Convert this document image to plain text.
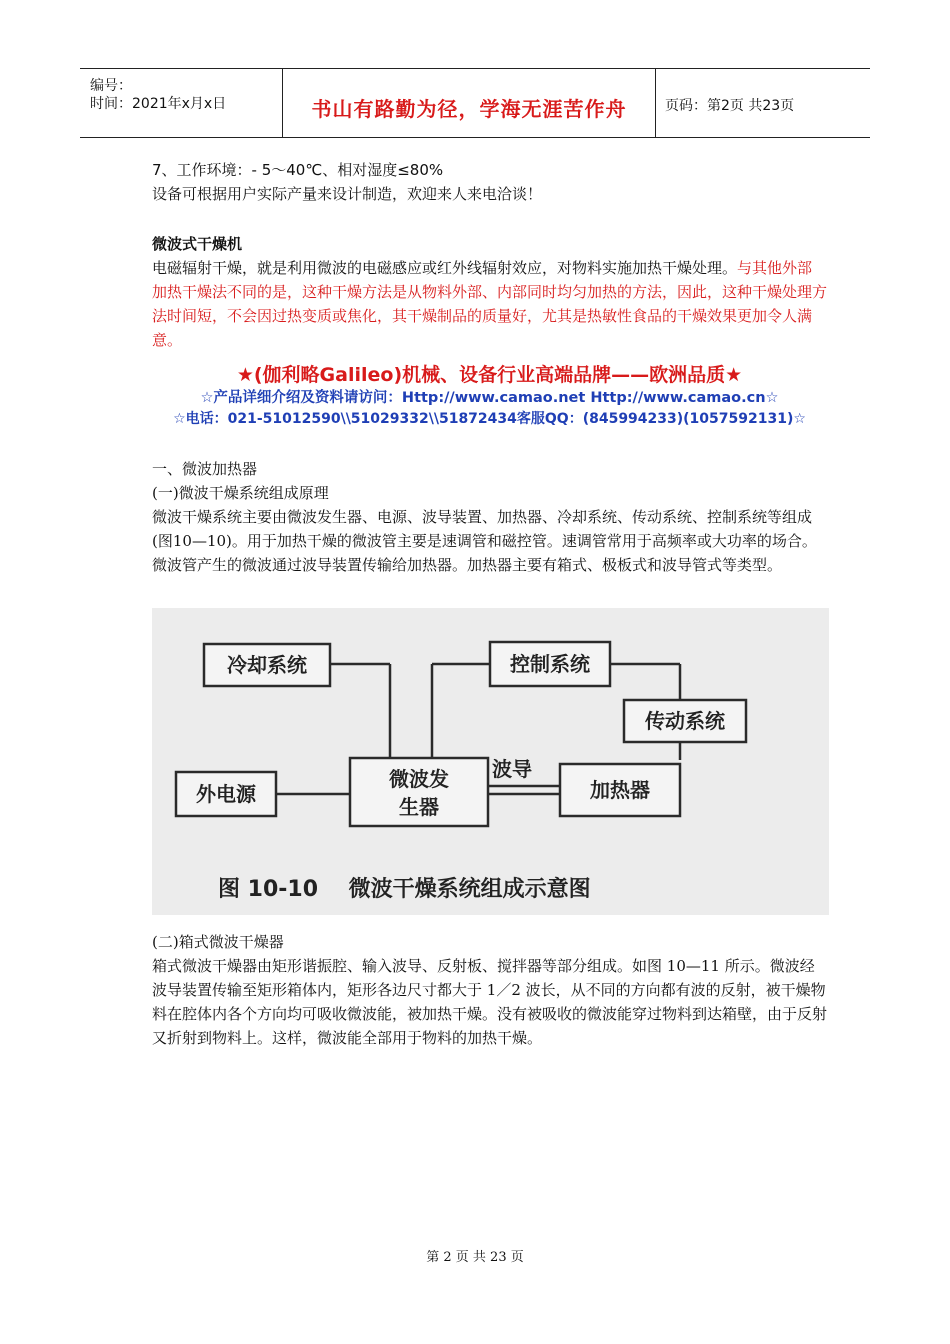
编号：
时间：2021年x月x日	书山有路勤为径，学海无涯苦作舟	页码：第2页 共23页

7、工作环境：- 5～40℃、相对湿度≤80%

设备可根据用户实际产量来设计制造，欢迎来人来电洽谈！

微波式干燥机

电磁辐射干燥，就是利用微波的电磁感应或红外线辐射效应，对物料实施加热干燥处理。与其他外部加热干燥法不同的是，这种干燥方法是从物料外部、内部同时均匀加热的方法，因此，这种干燥处理方法时间短，不会因过热变质或焦化，其干燥制品的质量好，尤其是热敏性食品的干燥效果更加令人满意。

★(伽利略Galileo)机械、设备行业高端品牌——欧洲品质★
☆产品详细介绍及资料请访问：Http://www.camao.net Http://www.camao.cn☆
☆电话：021-51012590\\51029332\\51872434客服QQ：(845994233)(1057592131)☆

一、微波加热器

(一)微波干燥系统组成原理

微波干燥系统主要由微波发生器、电源、波导装置、加热器、冷却系统、传动系统、控制系统等组成(图10—10)。用于加热干燥的微波管主要是速调管和磁控管。速调管常用于高频率或大功率的场合。微波管产生的微波通过波导装置传输给加热器。加热器主要有箱式、极板式和波导管式等类型。

冷却系统	控制系统
传动系统
外电源
微波发
生器
加热器
波导
图 10-10    微波干燥系统组成示意图

(二)箱式微波干燥器

箱式微波干燥器由矩形谐振腔、输入波导、反射板、搅拌器等部分组成。如图 10—11 所示。微波经波导装置传输至矩形箱体内，矩形各边尺寸都大于 1／2 波长，从不同的方向都有波的反射，被干燥物料在腔体内各个方向均可吸收微波能，被加热干燥。没有被吸收的微波能穿过物料到达箱壁，由于反射又折射到物料上。这样，微波能全部用于物料的加热干燥。

第 2 页 共 23 页
